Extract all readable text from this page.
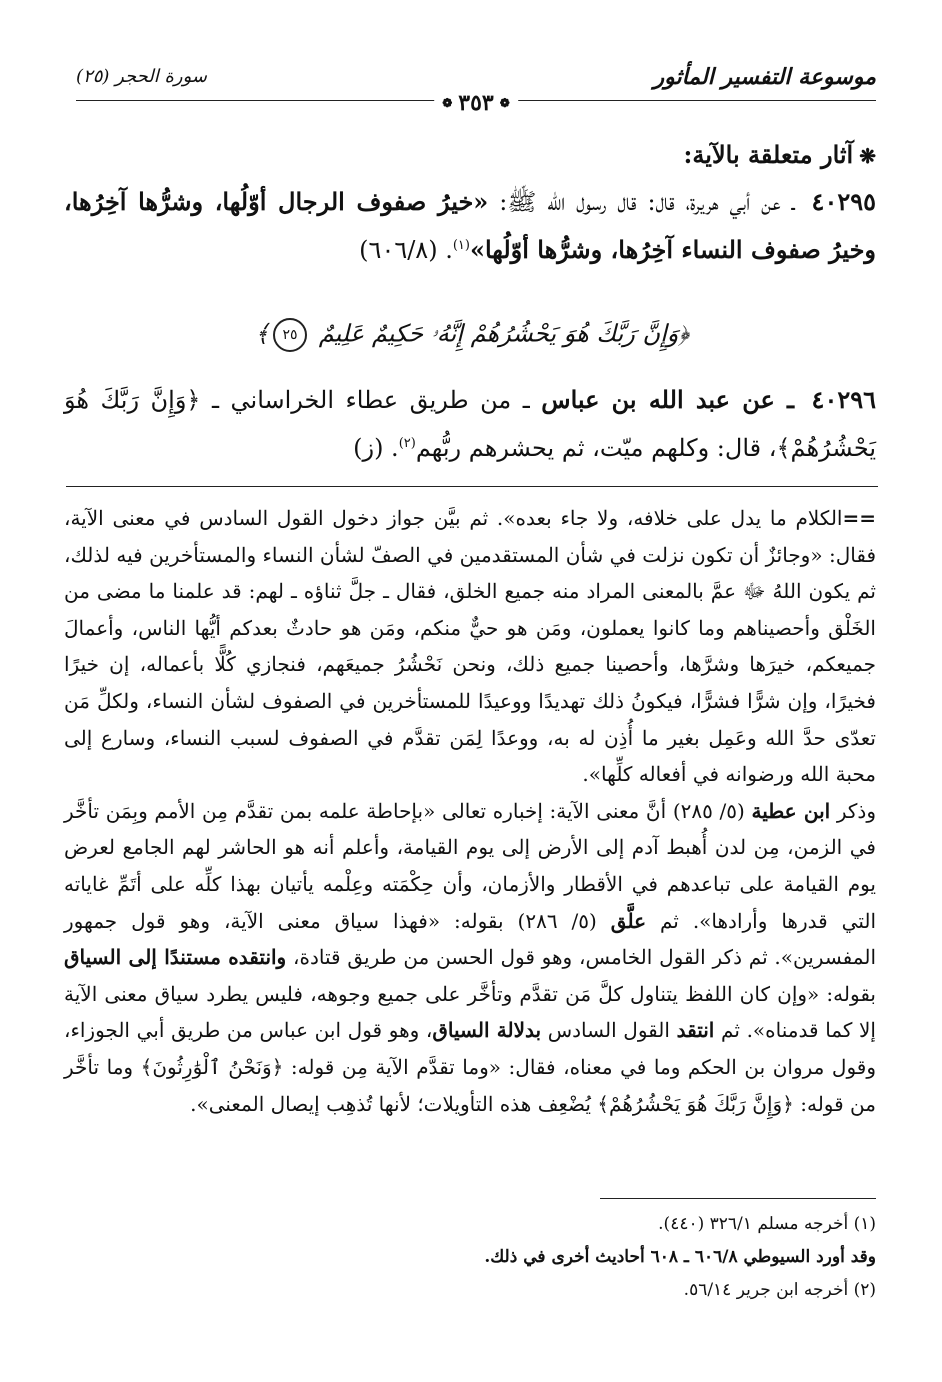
موسوعة التفسير المأثور
سورة الحجر (٢٥)
❁
٣٥٣
❁
❋آثار متعلقة بالآية:
٤٠٢٩٥ ـ عن أبي هريرة، قال: قال رسول الله ﷺ: «خيرُ صفوف الرجال أوّلُها، وشرُّها آخِرُها، وخيرُ صفوف النساء آخِرُها، وشرُّها أوّلُها»$^{(١)}$. (٦٠٦/٨)
﴿وَإِنَّ رَبَّكَ هُوَ يَحْشُرُهُمْ إِنَّهُۥ حَكِيمٌ عَلِيمٌ ٢٥﴾
٤٠٢٩٦ ـ عن عبد الله بن عباس ـ من طريق عطاء الخراساني ـ ﴿وَإِنَّ رَبَّكَ هُوَ يَحْشُرُهُمْ﴾، قال: وكلهم ميّت، ثم يحشرهم ربُّهم$^{(٢)}$. (ز)

==الكلام ما يدل على خلافه، ولا جاء بعده». ثم بيَّن جواز دخول القول السادس في معنى الآية، فقال: «وجائزٌ أن تكون نزلت في شأن المستقدمين في الصفّ لشأن النساء والمستأخرين فيه لذلك، ثم يكون اللهُ ﷻ عمَّ بالمعنى المراد منه جميع الخلق، فقال ـ جلَّ ثناؤه ـ لهم: قد علمنا ما مضى من الخَلْق وأحصيناهم وما كانوا يعملون، ومَن هو حيٌّ منكم، ومَن هو حادثٌ بعدكم أيُّها الناس، وأعمالَ جميعكم، خيرَها وشرَّها، وأحصينا جميع ذلك، ونحن نَحْشُرُ جميعَهم، فنجازي كُلًّا بأعماله، إن خيرًا فخيرًا، وإن شرًّا فشرًّا، فيكونُ ذلك تهديدًا ووعيدًا للمستأخرين في الصفوف لشأن النساء، ولكلِّ مَن تعدّى حدَّ الله وعَمِل بغير ما أُذِن له به، ووعدًا لِمَن تقدَّم في الصفوف لسبب النساء، وسارع إلى محبة الله ورضوانه في أفعاله كلِّها».

وذكر ابن عطية (٥/ ٢٨٥) أنَّ معنى الآية: إخباره تعالى «بإحاطة علمه بمن تقدَّم مِن الأمم وبِمَن تأخَّر في الزمن، مِن لدن أُهبط آدم إلى الأرض إلى يوم القيامة، وأعلم أنه هو الحاشر لهم الجامع لعرض يوم القيامة على تباعدهم في الأقطار والأزمان، وأن حِكْمَته وعِلْمه يأتيان بهذا كلِّه على أتَمِّ غاياته التي قدرها وأرادها». ثم علَّق (٥/ ٢٨٦) بقوله: «فهذا سياق معنى الآية، وهو قول جمهور المفسرين». ثم ذكر القول الخامس، وهو قول الحسن من طريق قتادة، وانتقده مستندًا إلى السياق بقوله: «وإن كان اللفظ يتناول كلَّ مَن تقدَّم وتأخَّر على جميع وجوهه، فليس يطرد سياق معنى الآية إلا كما قدمناه». ثم انتقد القول السادس بدلالة السياق، وهو قول ابن عباس من طريق أبي الجوزاء، وقول مروان بن الحكم وما في معناه، فقال: «وما تقدَّم الآية مِن قوله: ﴿وَنَحْنُ ٱلْوَٰرِثُونَ﴾ وما تأخَّر من قوله: ﴿وَإِنَّ رَبَّكَ هُوَ يَحْشُرُهُمْ﴾ يُضْعِف هذه التأويلات؛ لأنها تُذهِب إيصال المعنى».

(١) أخرجه مسلم ٣٢٦/١ (٤٤٠).
وقد أورد السيوطي ٦٠٦/٨ ـ ٦٠٨ أحاديث أخرى في ذلك.
(٢) أخرجه ابن جرير ٥٦/١٤.
